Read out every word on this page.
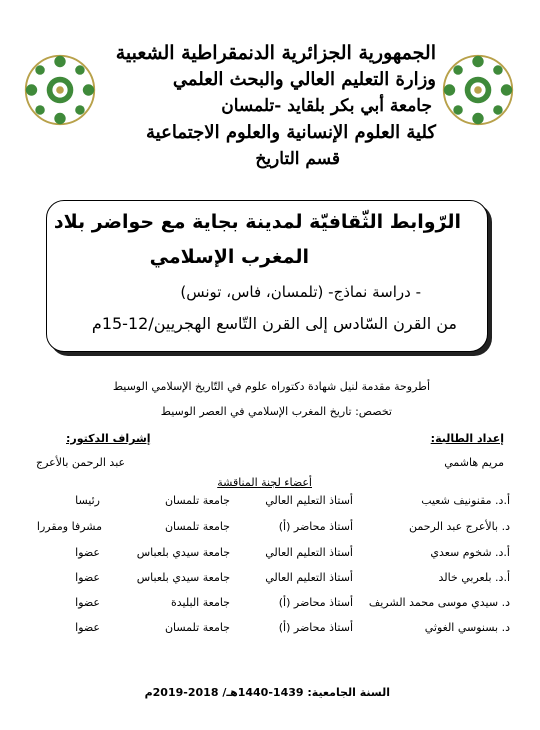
الجمهورية الجزائرية الدنمقراطية الشعبية
وزارة التعليم العالي والبحث العلمي
جامعة أبي بكر بلقايد -تلمسان
كلية العلوم الإنسانية والعلوم الاجتماعية
قسم التاريخ
الرّوابط الثّقافيّة لمدينة بجاية مع حواضر بلاد
المغرب الإسلامي
- دراسة نماذج- (تلمسان، فاس، تونس)
من القرن السّادس إلى القرن التّاسع الهجريين/12-15م
أطروحة مقدمة لنيل شهادة دكتوراه علوم في التّاريخ الإسلامي الوسيط
تخصص: تاريخ المغرب الإسلامي في العصر الوسيط
إعداد الطالبة:
مريم هاشمي
إشراف الدكتور:
عبد الرحمن بالأعرج
أعضاء لجنة المناقشة
أ.د. مقنونيف شعيب
أستاذ التعليم العالي
جامعة تلمسان
رئيسا
د. بالأعرج عبد الرحمن
أستاذ محاضر (أ)
جامعة تلمسان
مشرفا ومقررا
أ.د. شخوم سعدي
أستاذ التعليم العالي
جامعة سيدي بلعباس
عضوا
أ.د. بلعربي خالد
أستاذ التعليم العالي
جامعة سيدي بلعباس
عضوا
د. سيدي موسى محمد الشريف
أستاذ محاضر (أ)
جامعة البليدة
عضوا
د. بسنوسي الغوثي
أستاذ محاضر (أ)
جامعة تلمسان
عضوا
السنة الجامعية: 1439-1440هـ/ 2018-2019م
